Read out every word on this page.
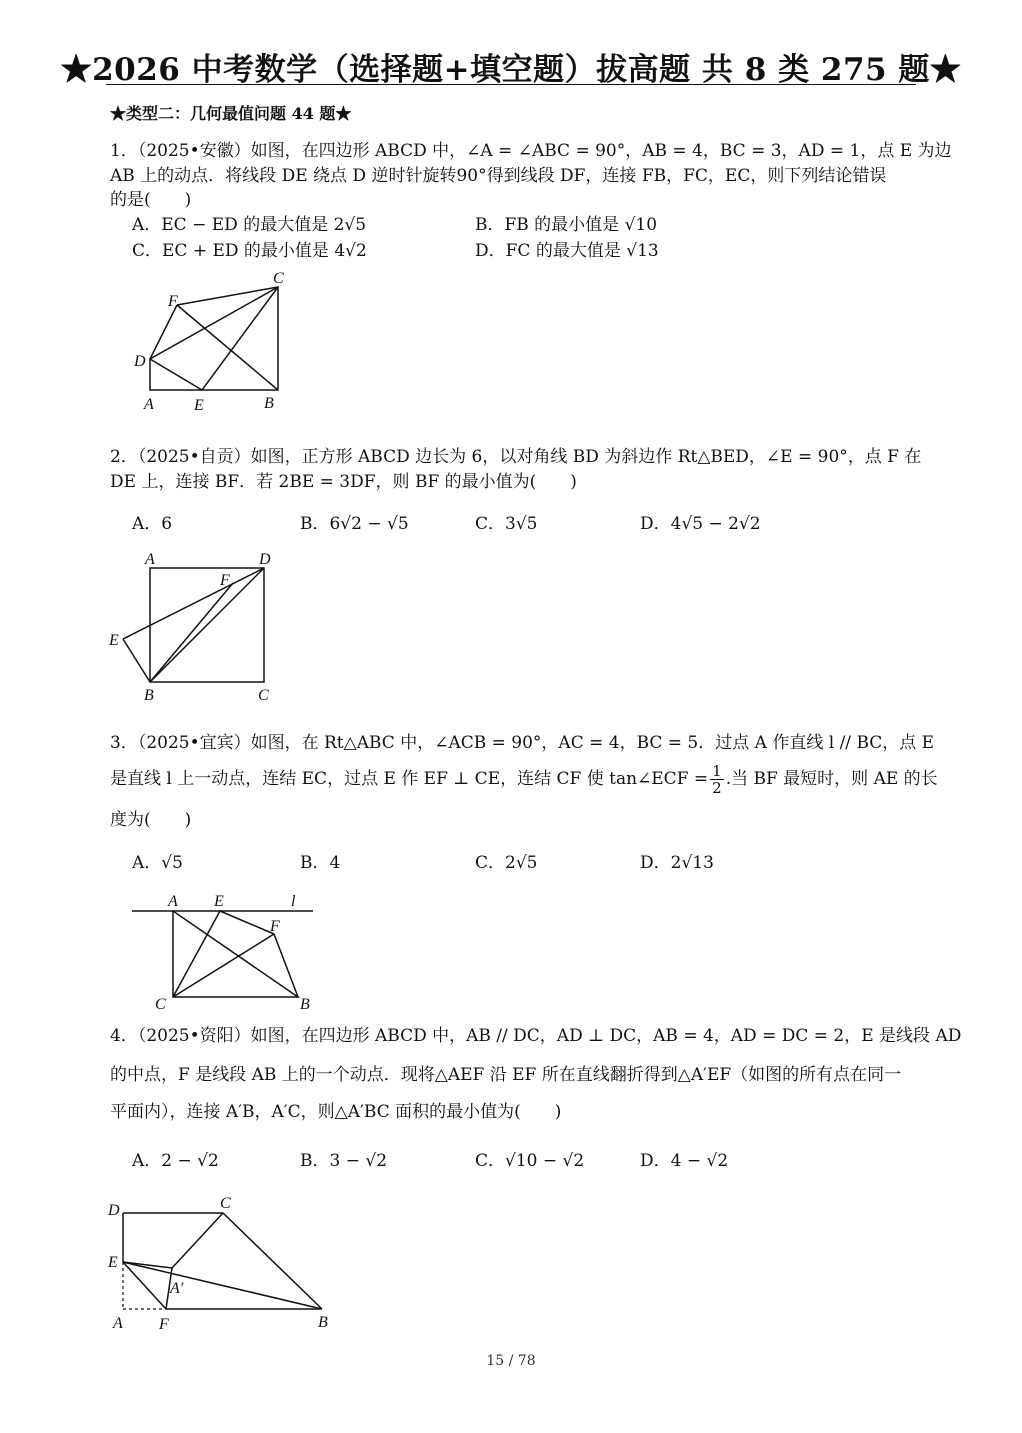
★2026 中考数学（选择题+填空题）拔高题 共 8 类 275 题★
★类型二：几何最值问题 44 题★
1．（2025•安徽）如图，在四边形 ABCD 中，∠A = ∠ABC = 90°，AB = 4，BC = 3，AD = 1，点 E 为边
AB 上的动点．将线段 DE 绕点 D 逆时针旋转90°得到线段 DF，连接 FB，FC，EC，则下列结论错误
的是(　　)
A．EC − ED 的最大值是 2√5	B．FB 的最小值是 √10
C．EC + ED 的最小值是 4√2	D．FC 的最大值是 √13
F
C
D
A	E	B
2．（2025•自贡）如图，正方形 ABCD 边长为 6，以对角线 BD 为斜边作 Rt△BED，∠E = 90°，点 F 在
DE 上，连接 BF．若 2BE = 3DF，则 BF 的最小值为(　　)
A．6	B．6√2 − √5	C．3√5	D．4√5 − 2√2
A	D
F
E
B	C
3．（2025•宜宾）如图，在 Rt△ABC 中，∠ACB = 90°，AC = 4，BC = 5．过点 A 作直线 l // BC，点 E
是直线 l 上一动点，连结 EC，过点 E 作 EF ⊥ CE，连结 CF 使 tan∠ECF = $\frac{1}{2}$ .当 BF 最短时，则 AE 的长
度为(　　)
A．√5	B．4	C．2√5	D．2√13
A E	l
F
C	B
4．（2025•资阳）如图，在四边形 ABCD 中，AB // DC，AD ⊥ DC，AB = 4，AD = DC = 2，E 是线段 AD
的中点，F 是线段 AB 上的一个动点．现将△AEF 沿 EF 所在直线翻折得到△A′EF（如图的所有点在同一
平面内），连接 A′B，A′C，则△A′BC 面积的最小值为(　　)
A．2 − √2	B．3 − √2	C．√10 − √2	D．4 − √2
D	C
E
A′
A F	B
15 / 78
